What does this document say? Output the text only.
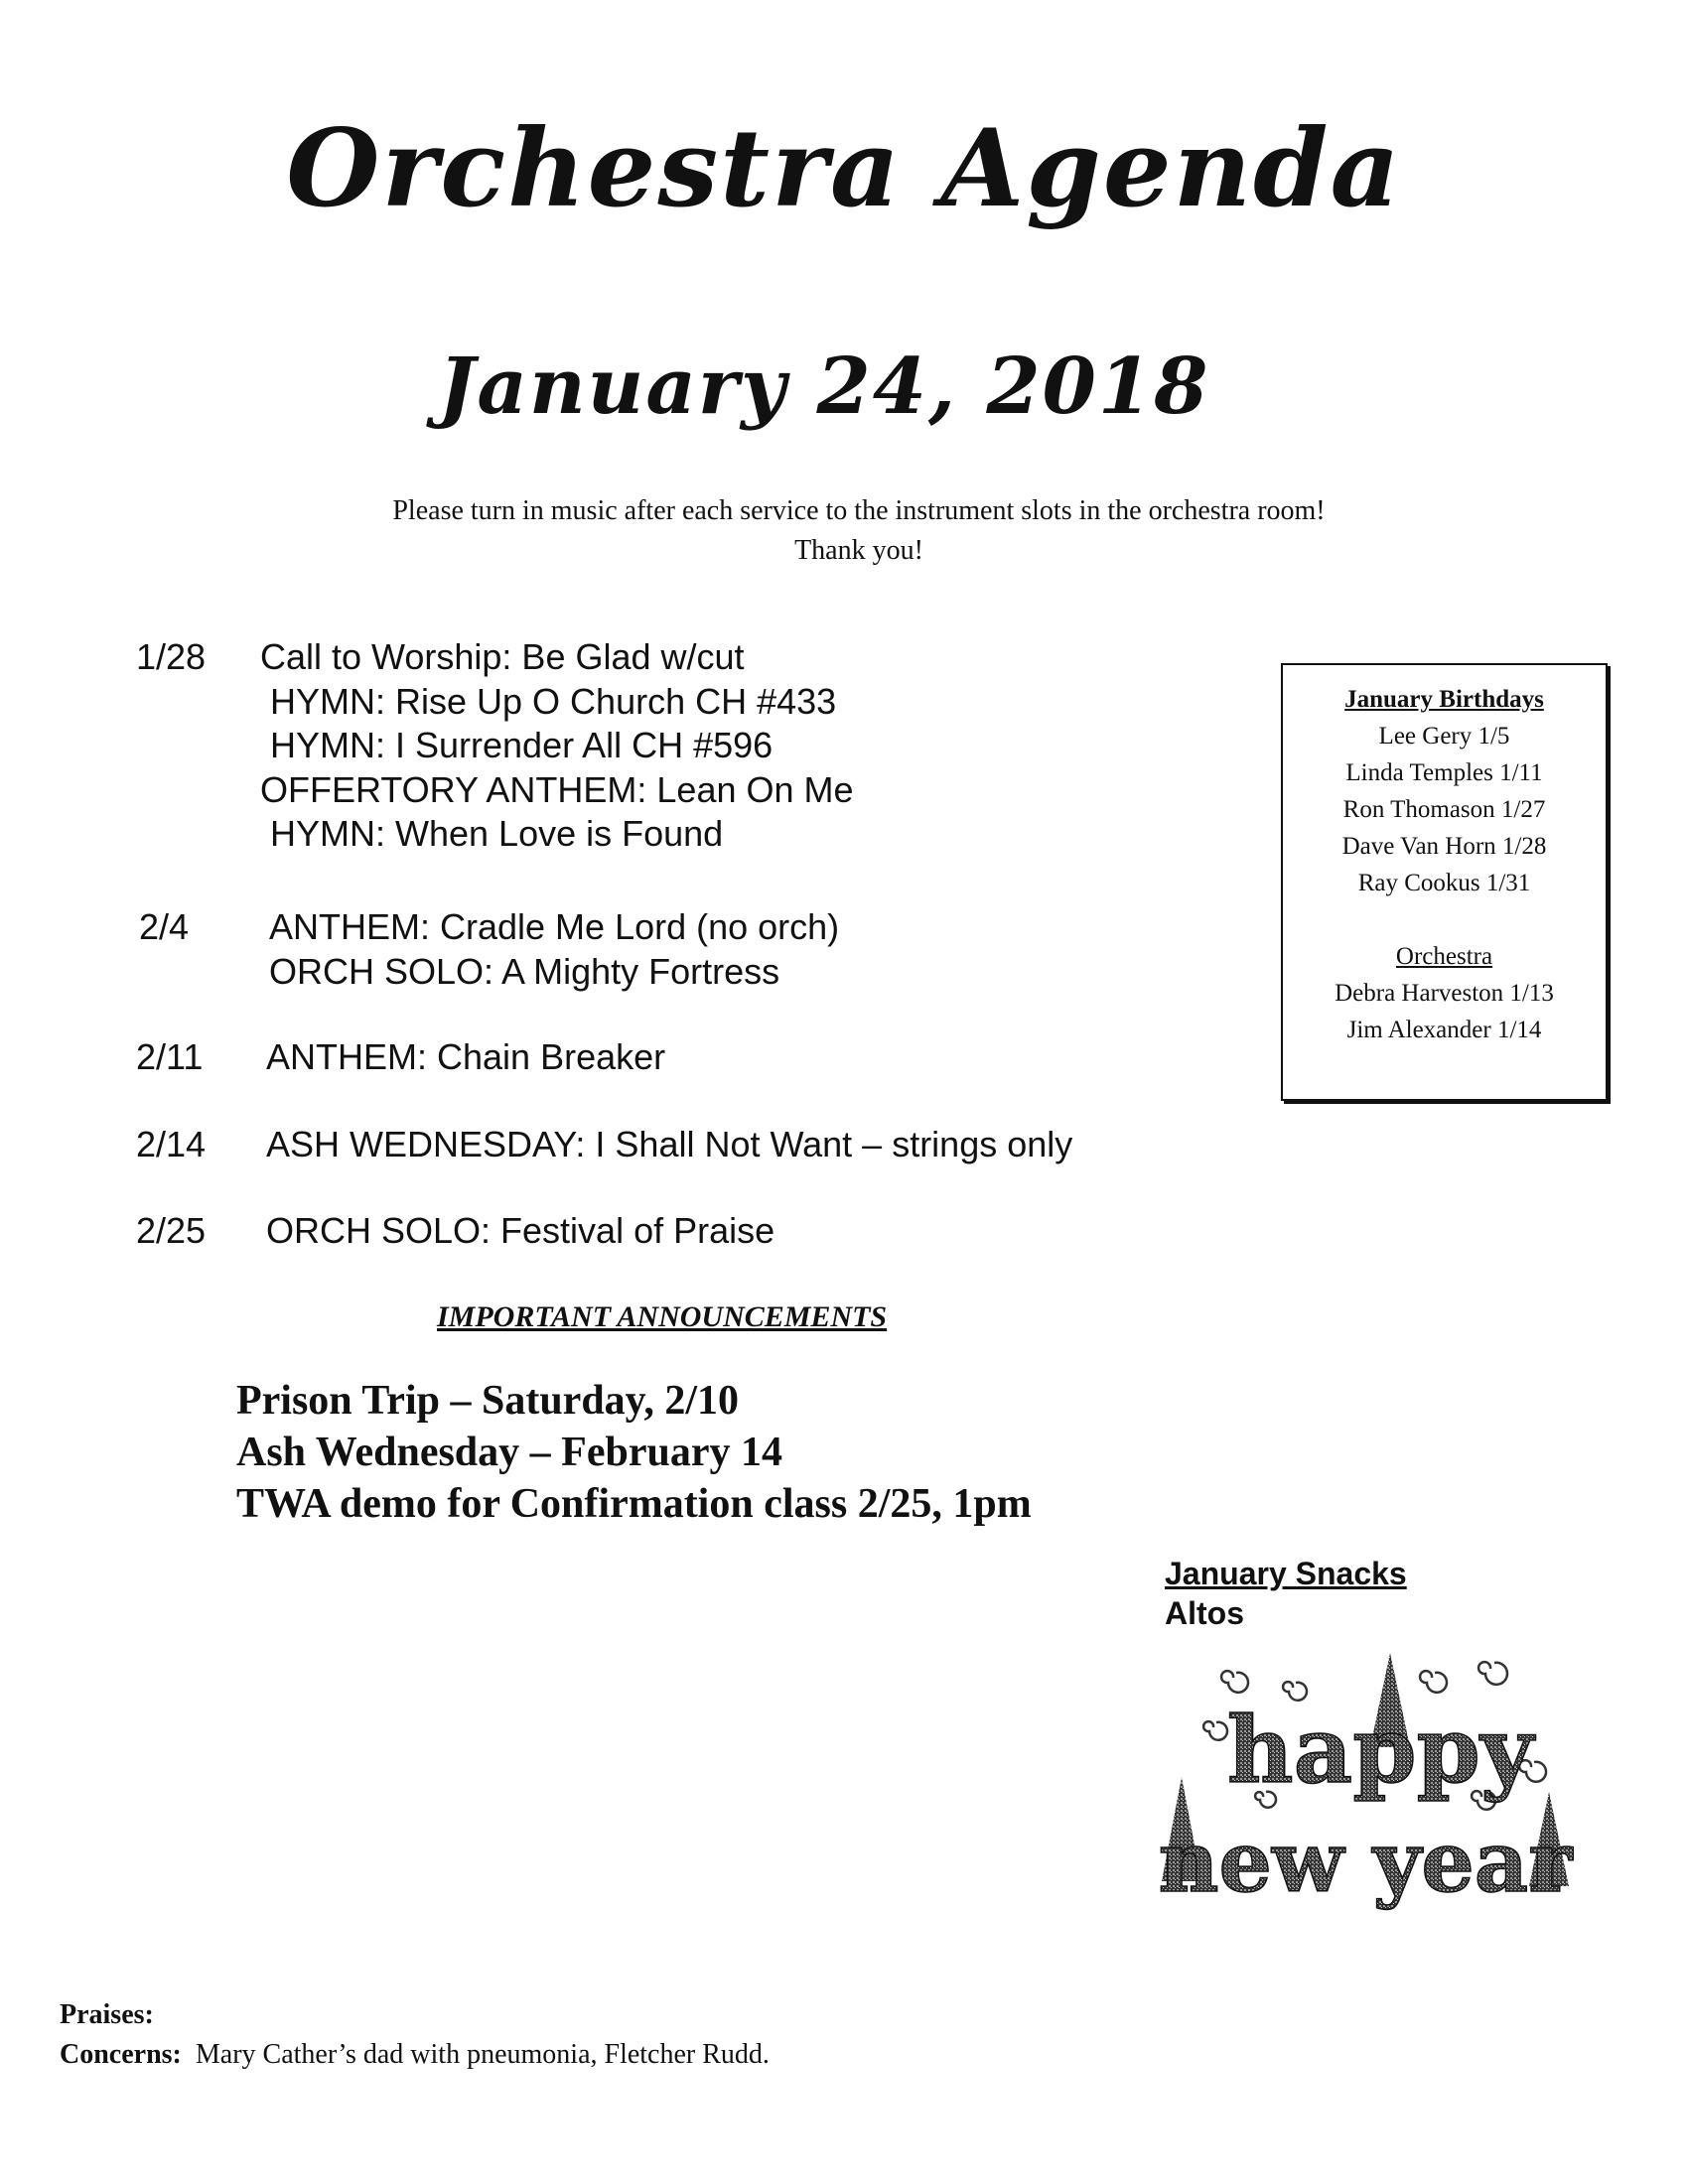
Orchestra Agenda
January 24, 2018
Please turn in music after each service to the instrument slots in the orchestra room!
Thank you!
1/28 Call to Worship: Be Glad w/cut
HYMN: Rise Up O Church CH #433
HYMN: I Surrender All CH #596
OFFERTORY ANTHEM: Lean On Me
HYMN: When Love is Found
2/4 ANTHEM: Cradle Me Lord (no orch)
ORCH SOLO: A Mighty Fortress
2/11 ANTHEM: Chain Breaker
2/14 ASH WEDNESDAY: I Shall Not Want – strings only
2/25 ORCH SOLO: Festival of Praise
January Birthdays
Lee Gery 1/5
Linda Temples 1/11
Ron Thomason 1/27
Dave Van Horn 1/28
Ray Cookus 1/31
Orchestra
Debra Harveston 1/13
Jim Alexander 1/14
IMPORTANT ANNOUNCEMENTS
Prison Trip – Saturday, 2/10
Ash Wednesday – February 14
TWA demo for Confirmation class 2/25, 1pm
January Snacks
Altos
happy
new year
Praises:
Concerns: Mary Cather’s dad with pneumonia, Fletcher Rudd.
